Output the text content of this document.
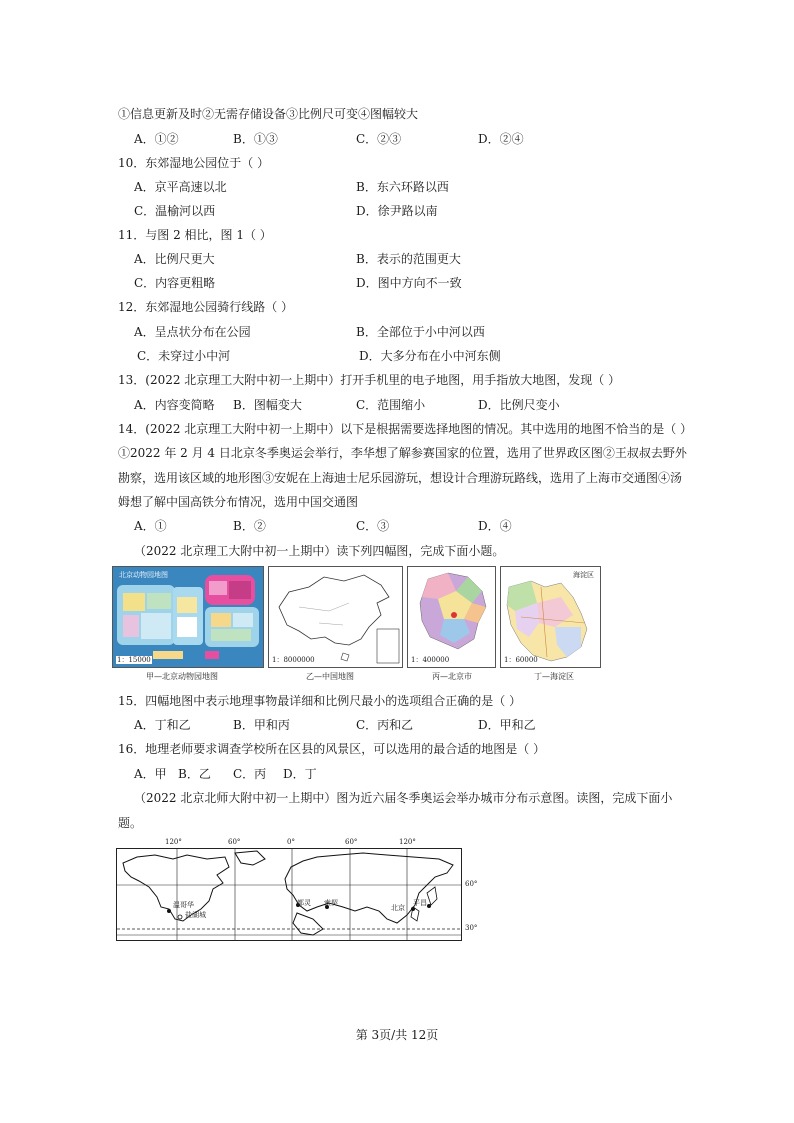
①信息更新及时②无需存储设备③比例尺可变④图幅较大
A．①②	B．①③	C．②③	D．②④
10．东郊湿地公园位于（ ）
A．京平高速以北	B．东六环路以西
C．温榆河以西	D．徐尹路以南
11．与图 2 相比，图 1（ ）
A．比例尺更大	B．表示的范围更大
C．内容更粗略	D．图中方向不一致
12．东郊湿地公园骑行线路（ ）
A．呈点状分布在公园	B．全部位于小中河以西
C．未穿过小中河	D．大多分布在小中河东侧
13．(2022 北京理工大附中初一上期中）打开手机里的电子地图，用手指放大地图，发现（ ）
A．内容变简略 B．图幅变大	C．范围缩小	D．比例尺变小
14．(2022 北京理工大附中初一上期中）以下是根据需要选择地图的情况。其中选用的地图不恰当的是（ ）
①2022 年 2 月 4 日北京冬季奥运会举行，李华想了解参赛国家的位置，选用了世界政区图②王叔叔去野外
勘察，选用该区域的地形图③安妮在上海迪士尼乐园游玩，想设计合理游玩路线，选用了上海市交通图④汤
姆想了解中国高铁分布情况，选用中国交通图
A．①	B．②	C．③	D．④
（2022 北京理工大附中初一上期中）读下列四幅图，完成下面小题。
北京动物园地图
1：15000
甲—北京动物园地图
1：8000000
乙—中国地图
1：400000
丙—北京市
海淀区
1：60000
丁—海淀区
15．四幅地图中表示地理事物最详细和比例尺最小的选项组合正确的是（ ）
A．丁和乙	B．甲和丙	C．丙和乙	D．甲和乙
16．地理老师要求调查学校所在区县的风景区，可以选用的最合适的地图是（ ）
A．甲 B．乙 C．丙 D．丁
（2022 北京北师大附中初一上期中）图为近六届冬季奥运会举办城市分布示意图。读图，完成下面小
题。
120°	60°	0°	60°	120°
60°
30°
温哥华
盐湖城
都灵 索契
北京
平昌
第 3页/共 12页
